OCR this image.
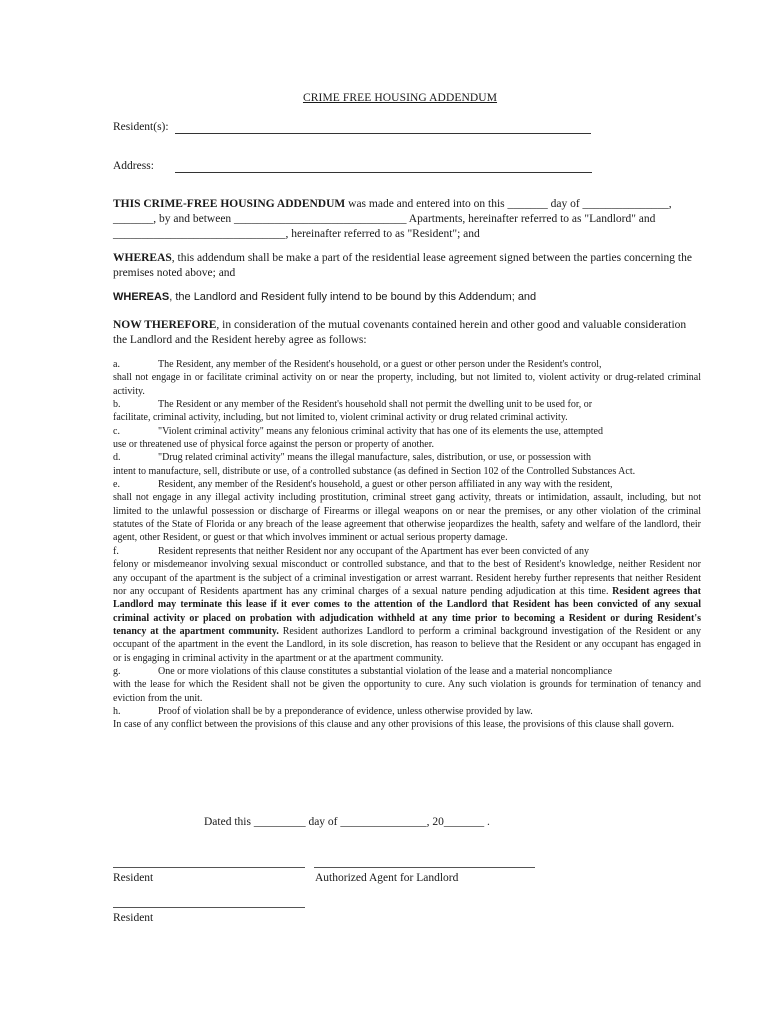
CRIME FREE HOUSING ADDENDUM
Resident(s):
Address:
THIS CRIME-FREE HOUSING ADDENDUM was made and entered into on this _______ day of _______________,
_______, by and between ______________________________ Apartments, hereinafter referred to as "Landlord" and
______________________________, hereinafter referred to as "Resident"; and
WHEREAS, this addendum shall be make a part of the residential lease agreement signed between the parties concerning the premises noted above; and
WHEREAS, the Landlord and Resident fully intend to be bound by this Addendum; and
NOW THEREFORE, in consideration of the mutual covenants contained herein and other good and valuable consideration the Landlord and the Resident hereby agree as follows:

a.	The Resident, any member of the Resident's household, or a guest or other person under the Resident's control,

shall not engage in or facilitate criminal activity on or near the property, including, but not limited to, violent activity or drug-related criminal activity.

b.	The Resident or any member of the Resident's household shall not permit the dwelling unit to be used for, or

facilitate, criminal activity, including, but not limited to, violent criminal activity or drug related criminal activity.

c.	"Violent criminal activity" means any felonious criminal activity that has one of its elements the use, attempted

use or threatened use of physical force against the person or property of another.

d.	"Drug related criminal activity" means the illegal manufacture, sales, distribution, or use, or possession with

intent to manufacture, sell, distribute or use, of a controlled substance (as defined in Section 102 of the Controlled Substances Act.

e.	Resident, any member of the Resident's household, a guest or other person affiliated in any way with the resident,

shall not engage in any illegal activity including prostitution, criminal street gang activity, threats or intimidation, assault, including, but not limited to the unlawful possession or discharge of Firearms or illegal weapons on or near the premises, or any other violation of the criminal statutes of the State of Florida or any breach of the lease agreement that otherwise jeopardizes the health, safety and welfare of the landlord, their agent, other Resident, or guest or that which involves imminent or actual serious property damage.

f.	Resident represents that neither Resident nor any occupant of the Apartment has ever been convicted of any

felony or misdemeanor involving sexual misconduct or controlled substance, and that to the best of Resident's knowledge, neither Resident nor any occupant of the apartment is the subject of a criminal investigation or arrest warrant. Resident hereby further represents that neither Resident nor any occupant of Residents apartment has any criminal charges of a sexual nature pending adjudication at this time. Resident agrees that Landlord may terminate this lease if it ever comes to the attention of the Landlord that Resident has been convicted of any sexual criminal activity or placed on probation with adjudication withheld at any time prior to becoming a Resident or during Resident's tenancy at the apartment community. Resident authorizes Landlord to perform a criminal background investigation of the Resident or any occupant of the apartment in the event the Landlord, in its sole discretion, has reason to believe that the Resident or any occupant has engaged in or is engaging in criminal activity in the apartment or at the apartment community.

g.	One or more violations of this clause constitutes a substantial violation of the lease and a material noncompliance

with the lease for which the Resident shall not be given the opportunity to cure. Any such violation is grounds for termination of tenancy and eviction from the unit.

h.	Proof of violation shall be by a preponderance of evidence, unless otherwise provided by law.

In case of any conflict between the provisions of this clause and any other provisions of this lease, the provisions of this clause shall govern.

Dated this _________ day of _______________, 20_______ .
Resident	Authorized Agent for Landlord
Resident
